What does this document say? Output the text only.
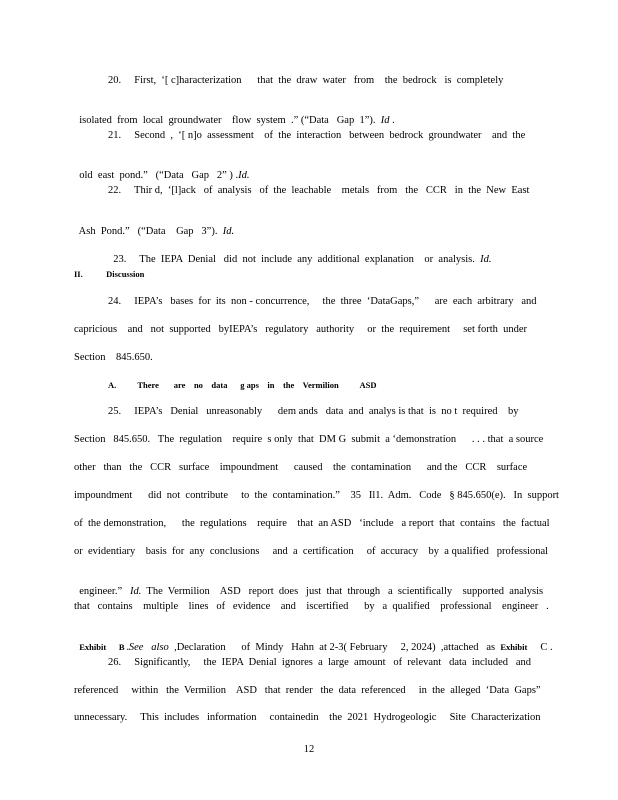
20.     First,  ‘[ c]haracterization      that  the  draw  water   from    the  bedrock   is  completely

isolated  from  local  groundwater    flow  system  .” (“Data   Gap  1”).  Id .

21.     Second  ,  ‘[ n]o  assessment    of  the  interaction   between  bedrock  groundwater    and  the

old  east  pond.”   (“Data   Gap   2” ) .Id.

22.     Thir d,  ‘[l]ack   of  analysis   of  the  leachable    metals   from   the   CCR   in  the  New  East

Ash  Pond.”   (“Data    Gap   3”).  Id.

23.     The  IEPA  Denial   did  not  include  any  additional  explanation    or  analysis.  Id.

II.           Discussion
24.     IEPA’s   bases  for  its  non - concurrence,     the  three  ‘DataGaps,”      are  each  arbitrary   and
capricious    and   not  supported   byIEPA’s   regulatory   authority     or  the  requirement     set forth  under
Section    845.650.
A.          There       are    no    data      g aps    in    the    Vermilion          ASD
25.     IEPA’s   Denial   unreasonably      dem ands   data  and  analys is that  is  no t  required    by
Section   845.650.   The  regulation    require  s only  that  DM G  submit  a ‘demonstration      . . . that  a source
other   than   the   CCR   surface    impoundment      caused    the  contamination      and the   CCR    surface
impoundment      did  not  contribute     to  the  contamination.”    35   Il1.  Adm.   Code   § 845.650(e).   In  support
of  the demonstration,      the  regulations    require    that  an ASD   ‘include   a report  that  contains   the  factual
or  evidentiary    basis  for  any  conclusions     and  a  certification     of  accuracy    by  a qualified   professional

engineer.”   Id.  The  Vermilion    ASD   report  does   just  that  through   a  scientifically    supported  analysis

that   contains    multiple    lines   of   evidence    and    iscertified      by   a  qualified    professional    engineer   .

Exhibit      B .See   also  ,Declaration      of  Mindy   Hahn  at 2-3( February     2, 2024)  ,attached   as  Exhibit     C .

26.     Significantly,     the  IEPA  Denial  ignores  a  large  amount   of  relevant   data  included   and
referenced     within   the  Vermilion    ASD   that  render   the  data  referenced     in  the  alleged  ‘Data  Gaps”
unnecessary.     This  includes   information     containedin    the  2021  Hydrogeologic     Site  Characterization
12
